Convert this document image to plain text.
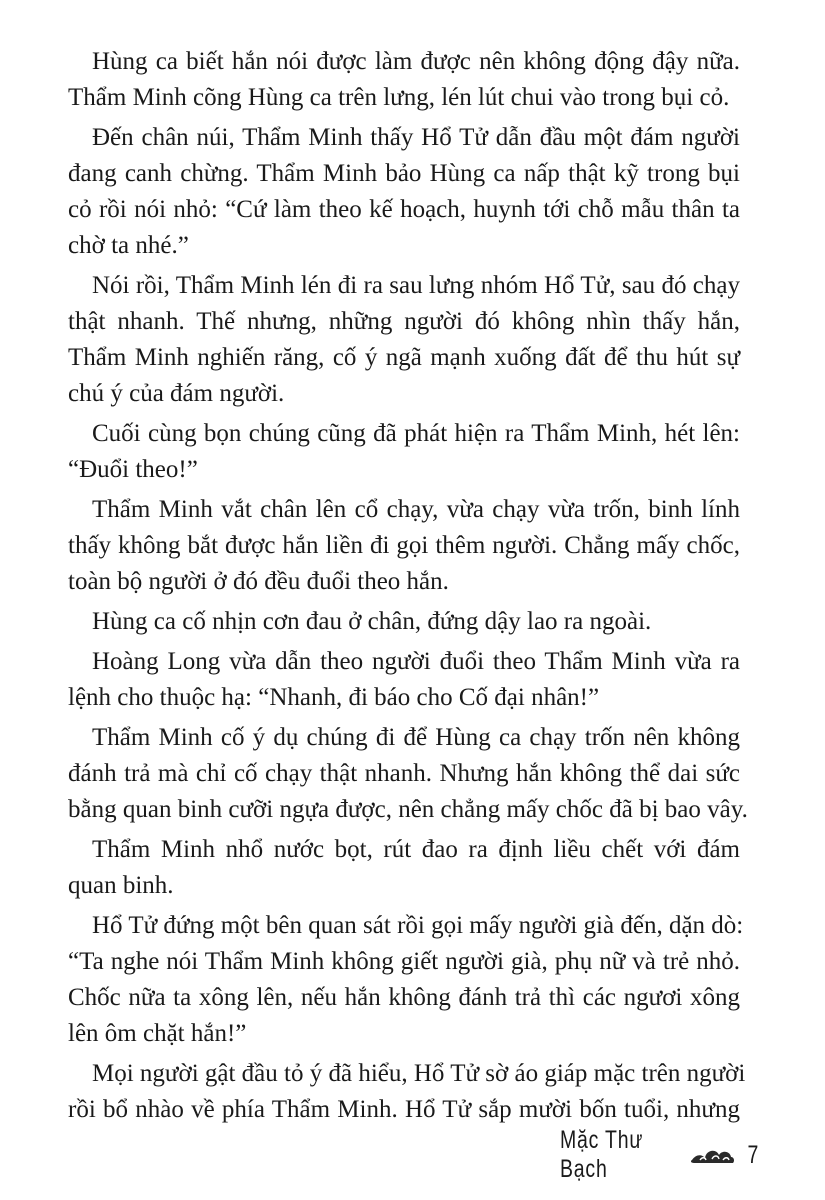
Hùng ca biết hắn nói được làm được nên không động đậy nữa.
Thẩm Minh cõng Hùng ca trên lưng, lén lút chui vào trong bụi cỏ.
Đến chân núi, Thẩm Minh thấy Hổ Tử dẫn đầu một đám người
đang canh chừng. Thẩm Minh bảo Hùng ca nấp thật kỹ trong bụi
cỏ rồi nói nhỏ: “Cứ làm theo kế hoạch, huynh tới chỗ mẫu thân ta
chờ ta nhé.”
Nói rồi, Thẩm Minh lén đi ra sau lưng nhóm Hổ Tử, sau đó chạy
thật nhanh. Thế nhưng, những người đó không nhìn thấy hắn,
Thẩm Minh nghiến răng, cố ý ngã mạnh xuống đất để thu hút sự
chú ý của đám người.
Cuối cùng bọn chúng cũng đã phát hiện ra Thẩm Minh, hét lên:
“Đuổi theo!”
Thẩm Minh vắt chân lên cổ chạy, vừa chạy vừa trốn, binh lính
thấy không bắt được hắn liền đi gọi thêm người. Chẳng mấy chốc,
toàn bộ người ở đó đều đuổi theo hắn.
Hùng ca cố nhịn cơn đau ở chân, đứng dậy lao ra ngoài.
Hoàng Long vừa dẫn theo người đuổi theo Thẩm Minh vừa ra
lệnh cho thuộc hạ: “Nhanh, đi báo cho Cố đại nhân!”
Thẩm Minh cố ý dụ chúng đi để Hùng ca chạy trốn nên không
đánh trả mà chỉ cố chạy thật nhanh. Nhưng hắn không thể dai sức
bằng quan binh cưỡi ngựa được, nên chẳng mấy chốc đã bị bao vây.
Thẩm Minh nhổ nước bọt, rút đao ra định liều chết với đám
quan binh.
Hổ Tử đứng một bên quan sát rồi gọi mấy người già đến, dặn dò:
“Ta nghe nói Thẩm Minh không giết người già, phụ nữ và trẻ nhỏ.
Chốc nữa ta xông lên, nếu hắn không đánh trả thì các ngươi xông
lên ôm chặt hắn!”
Mọi người gật đầu tỏ ý đã hiểu, Hổ Tử sờ áo giáp mặc trên người
rồi bổ nhào về phía Thẩm Minh. Hổ Tử sắp mười bốn tuổi, nhưng
Mặc Thư Bạch
7
